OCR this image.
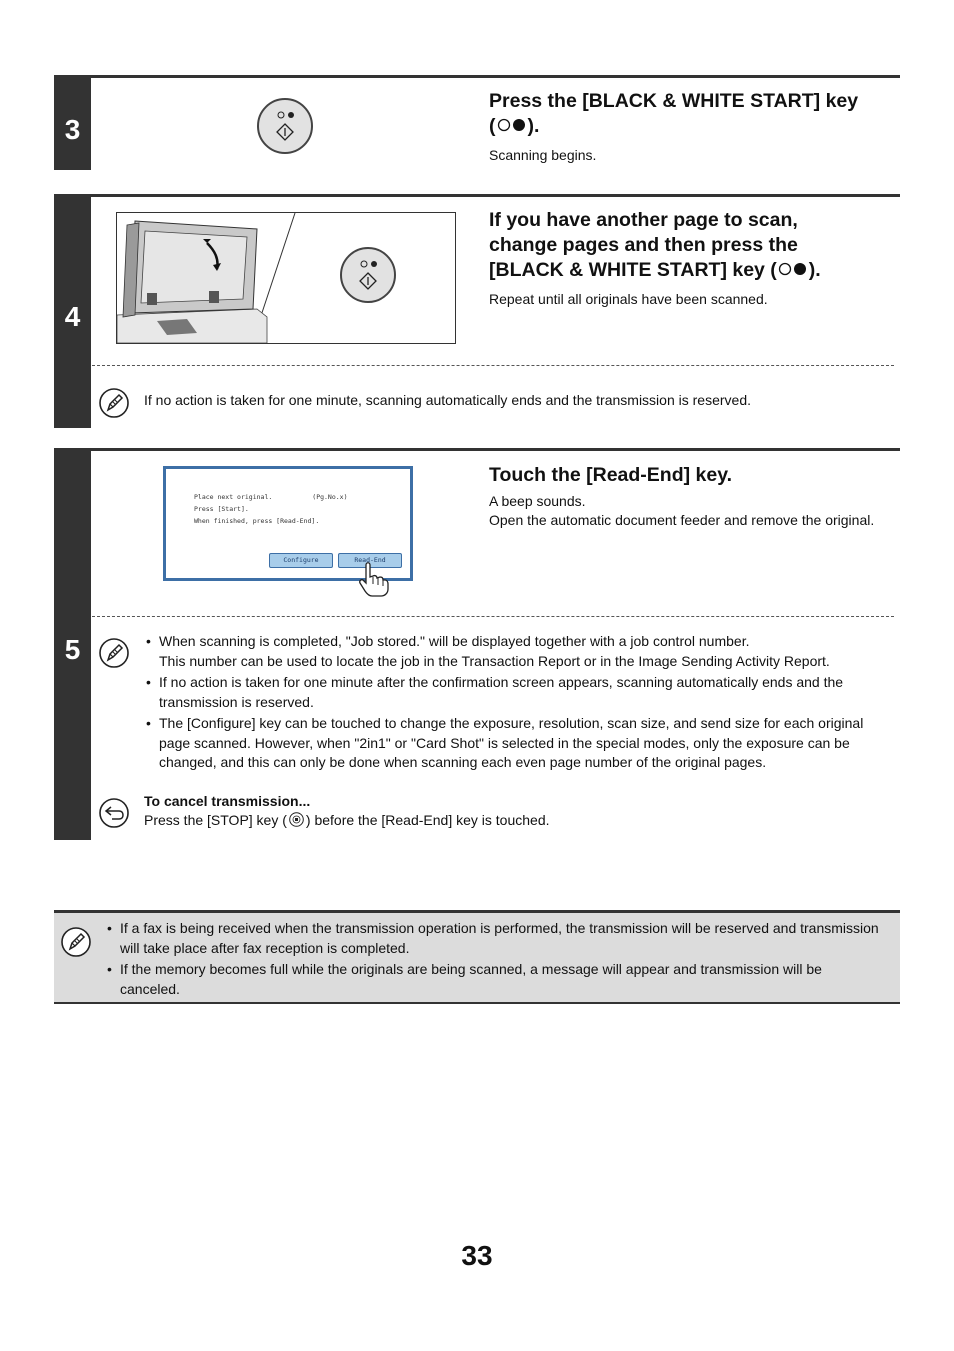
3
Press the [BLACK & WHITE START] key
( ).
Scanning begins.
4
If you have another page to scan,
change pages and then press the
[BLACK & WHITE START] key ( ).
Repeat until all originals have been scanned.
If no action is taken for one minute, scanning automatically ends and the transmission is reserved.
5
Place next original.	(Pg.No.x)
Press [Start].
When finished, press [Read-End].
Configure	Read-End
Touch the [Read-End] key.
A beep sounds.
Open the automatic document feeder and remove the original.
• When scanning is completed, "Job stored." will be displayed together with a job control number.
This number can be used to locate the job in the Transaction Report or in the Image Sending Activity Report.
• If no action is taken for one minute after the confirmation screen appears, scanning automatically ends and the
transmission is reserved.
• The [Configure] key can be touched to change the exposure, resolution, scan size, and send size for each original
page scanned. However, when "2in1" or "Card Shot" is selected in the special modes, only the exposure can be
changed, and this can only be done when scanning each even page number of the original pages.
To cancel transmission...
Press the [STOP] key ( ) before the [Read-End] key is touched.
• If a fax is being received when the transmission operation is performed, the transmission will be reserved and transmission
will take place after fax reception is completed.
• If the memory becomes full while the originals are being scanned, a message will appear and transmission will be
canceled.
33
